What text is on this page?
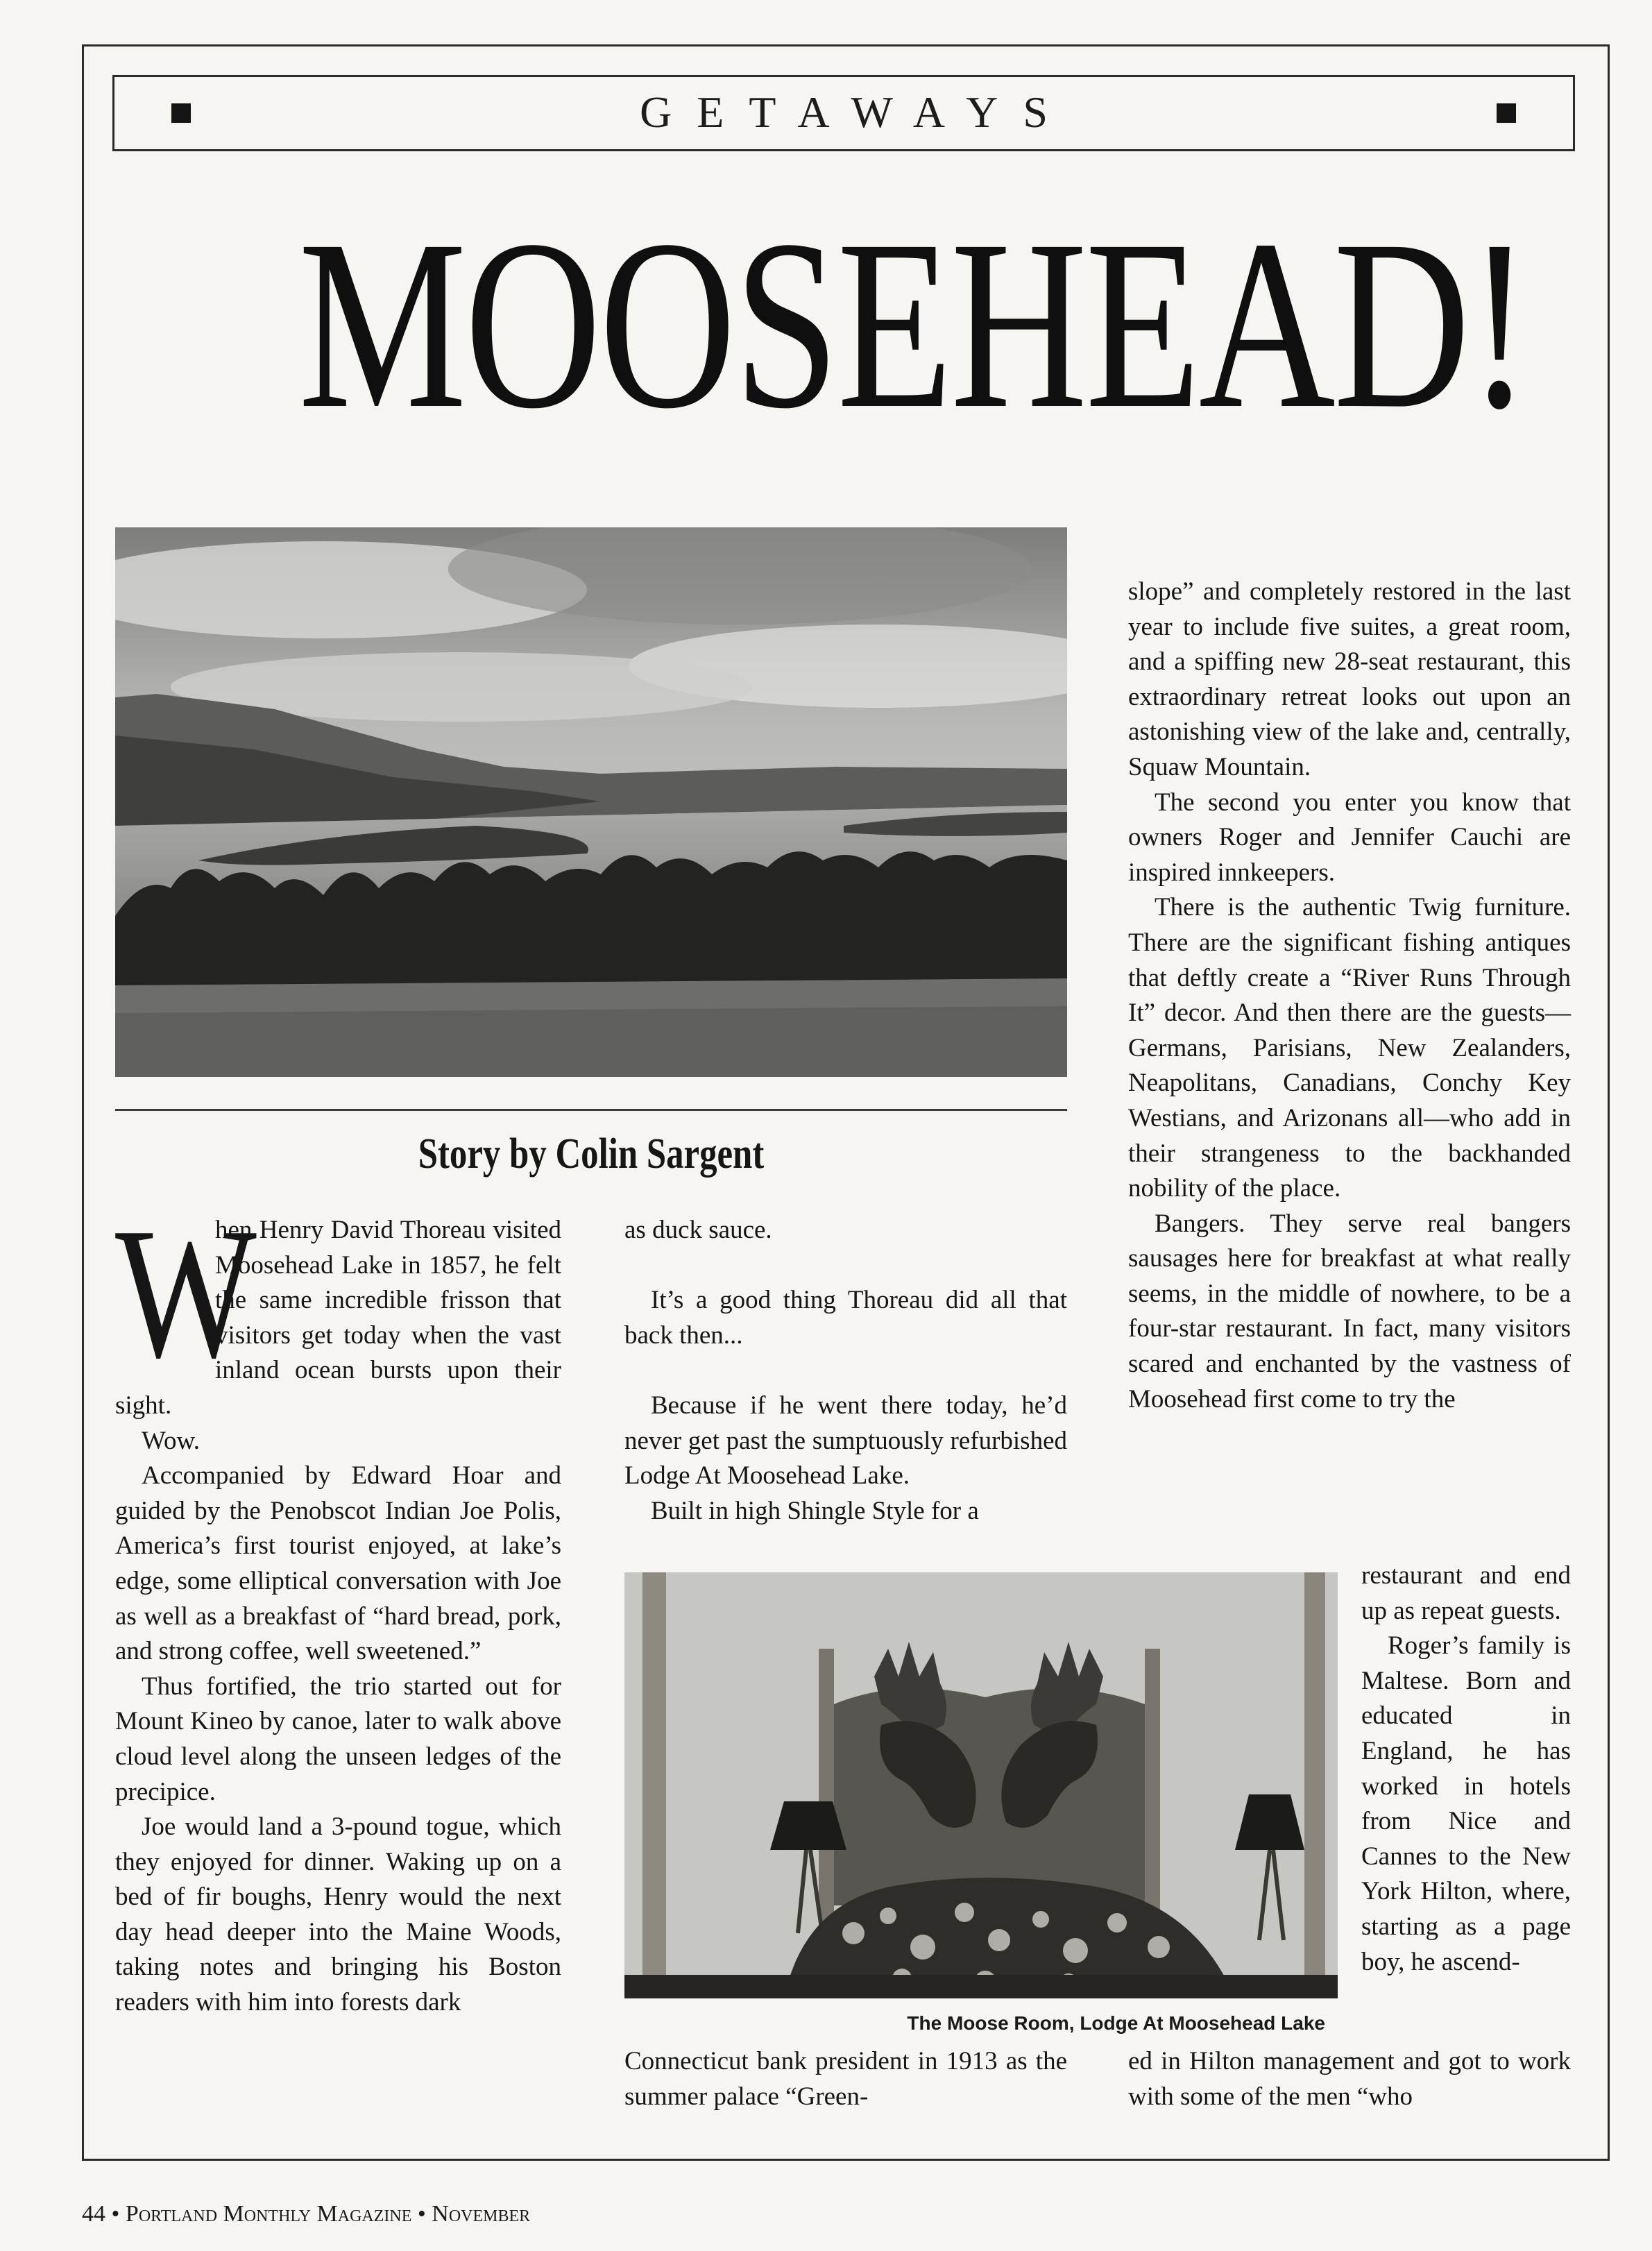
GETAWAYS
MOOSEHEAD!
Story by Colin Sargent

W
hen Henry David Thoreau visited Moosehead Lake in 1857, he felt the same incredible frisson that visitors get today when the vast inland ocean bursts upon their sight.

Wow.

Accompanied by Edward Hoar and guided by the Penobscot Indian Joe Polis, America’s first tourist enjoyed, at lake’s edge, some elliptical conversation with Joe as well as a breakfast of “hard bread, pork, and strong coffee, well sweetened.”

Thus fortified, the trio started out for Mount Kineo by canoe, later to walk above cloud level along the unseen ledges of the precipice.

Joe would land a 3-pound togue, which they enjoyed for dinner. Waking up on a bed of fir boughs, Henry would the next day head deeper into the Maine Woods, taking notes and bringing his Boston readers with him into forests dark

as duck sauce.

It’s a good thing Thoreau did all that back then...

Because if he went there today, he’d never get past the sumptuously refurbished Lodge At Moosehead Lake.

Built in high Shingle Style for a

The Moose Room, Lodge At Moosehead Lake

Connecticut bank president in 1913 as the summer palace “Green-

slope” and completely restored in the last year to include five suites, a great room, and a spiffing new 28-seat restaurant, this extraordinary retreat looks out upon an astonishing view of the lake and, centrally, Squaw Mountain.

The second you enter you know that owners Roger and Jennifer Cauchi are inspired innkeepers.

There is the authentic Twig furniture. There are the significant fishing antiques that deftly create a “River Runs Through It” decor. And then there are the guests—Germans, Parisians, New Zealanders, Neapolitans, Canadians, Conchy Key Westians, and Arizonans all—who add in their strangeness to the backhanded nobility of the place.

Bangers. They serve real bangers sausages here for breakfast at what really seems, in the middle of nowhere, to be a four-star restaurant. In fact, many visitors scared and enchanted by the vastness of Moosehead first come to try the

restaurant and end up as repeat guests.

Roger’s family is Maltese. Born and educated in England, he has worked in hotels from Nice and Cannes to the New York Hilton, where, starting as a page boy, he ascend-

ed in Hilton management and got to work with some of the men “who

44 • Portland Monthly Magazine • November
